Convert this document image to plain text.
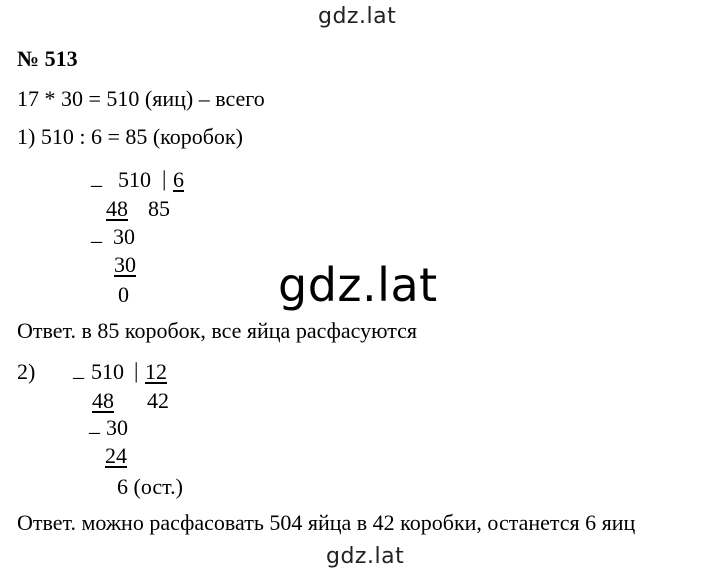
gdz.lat
gdz.lat
gdz.lat
№ 513
17 * 30 = 510 (яиц) – всего
1) 510 : 6 = 85 (коробок)
_ 510 | 6
48 85
_ 30
30
0
Ответ. в 85 коробок, все яйца расфасуются
2) _ 510 | 12
48 42
_ 30
24
6 (ост.)
Ответ. можно расфасовать 504 яйца в 42 коробки, останется 6 яиц
